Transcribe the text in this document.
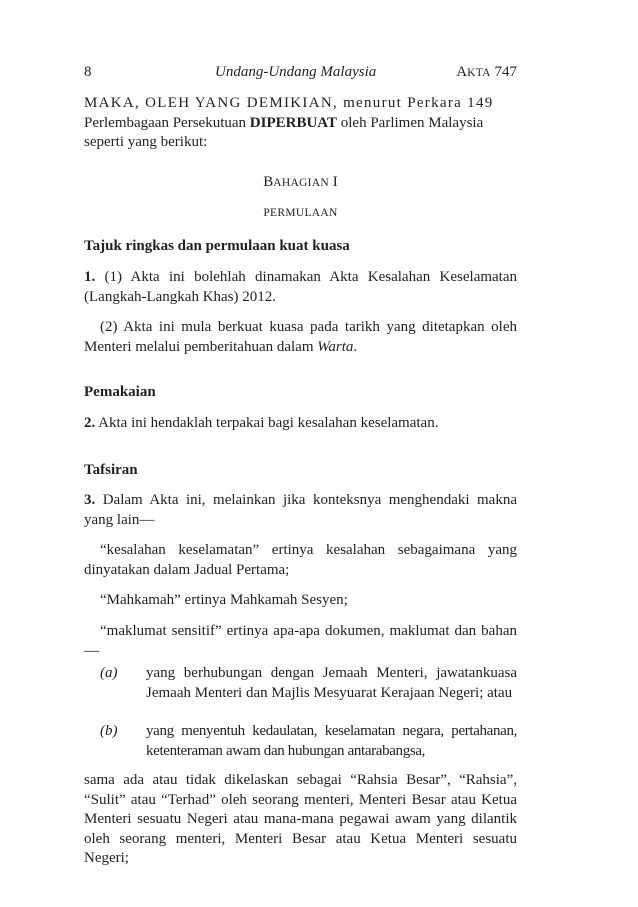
8	Undang-Undang Malaysia	AKTA 747

MAKA, OLEH YANG DEMIKIAN, menurut Perkara 149
Perlembagaan Persekutuan DIPERBUAT oleh Parlimen Malaysia
seperti yang berikut:

BAHAGIAN I

PERMULAAN

Tajuk ringkas dan permulaan kuat kuasa

1. (1) Akta ini bolehlah dinamakan Akta Kesalahan Keselamatan (Langkah-Langkah Khas) 2012.

(2) Akta ini mula berkuat kuasa pada tarikh yang ditetapkan oleh Menteri melalui pemberitahuan dalam Warta.

Pemakaian

2. Akta ini hendaklah terpakai bagi kesalahan keselamatan.

Tafsiran

3. Dalam Akta ini, melainkan jika konteksnya menghendaki makna yang lain—

“kesalahan keselamatan” ertinya kesalahan sebagaimana yang dinyatakan dalam Jadual Pertama;

“Mahkamah” ertinya Mahkamah Sesyen;

“maklumat sensitif” ertinya apa-apa dokumen, maklumat dan bahan—

(a) yang berhubungan dengan Jemaah Menteri, jawatankuasa Jemaah Menteri dan Majlis Mesyuarat Kerajaan Negeri; atau

(b) yang menyentuh kedaulatan, keselamatan negara, pertahanan, ketenteraman awam dan hubungan antarabangsa,

sama ada atau tidak dikelaskan sebagai “Rahsia Besar”, “Rahsia”, “Sulit” atau “Terhad” oleh seorang menteri, Menteri Besar atau Ketua Menteri sesuatu Negeri atau mana-mana pegawai awam yang dilantik oleh seorang menteri, Menteri Besar atau Ketua Menteri sesuatu Negeri;
